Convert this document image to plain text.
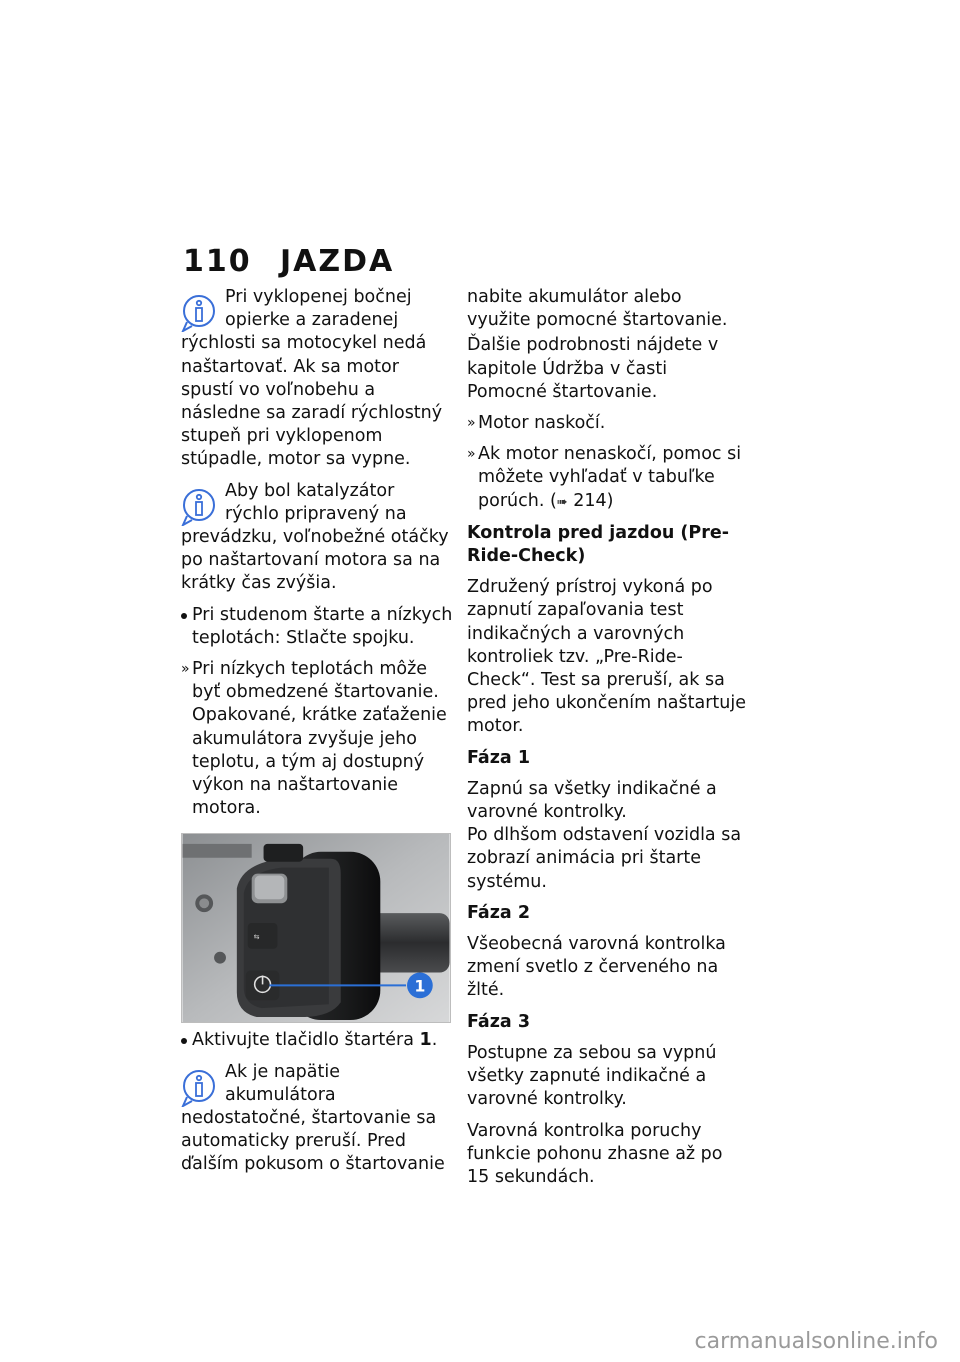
110 JAZDA
Pri vyklopenej bočnej opierke a zaradenej rýchlosti sa motocykel nedá naštartovať. Ak sa motor spustí vo voľnobehu a následne sa zaradí rýchlostný stupeň pri vyklopenom stúpadle, motor sa vypne.
Aby bol katalyzátor rýchlo pripravený na prevádzku, voľnobežné otáčky po naštartovaní motora sa na krátky čas zvýšia.

Pri studenom štarte a nízkych teplotách: Stlačte spojku.

» Pri nízkych teplotách môže byť obmedzené štartovanie. Opakované, krátke zaťaženie akumulátora zvyšuje jeho teplotu, a tým aj dostupný výkon na naštartovanie motora.

⇆
1

Aktivujte tlačidlo štartéra 1.

Ak je napätie akumulátora nedostatočné, štartovanie sa automaticky preruší. Pred ďalším pokusom o štartovanie

nabite akumulátor alebo využite pomocné štartovanie.

Ďalšie podrobnosti nájdete v kapitole Údržba v časti Pomocné štartovanie.

» Motor naskočí.

» Ak motor nenaskočí, pomoc si môžete vyhľadať v tabuľke porúch. (➠ 214)

Kontrola pred jazdou (Pre-Ride-Check)

Združený prístroj vykoná po zapnutí zapaľovania test indikačných a varovných kontroliek tzv. „Pre-Ride-Check“. Test sa preruší, ak sa pred jeho ukončením naštartuje motor.

Fáza 1

Zapnú sa všetky indikačné a varovné kontrolky.

Po dlhšom odstavení vozidla sa zobrazí animácia pri štarte systému.

Fáza 2

Všeobecná varovná kontrolka zmení svetlo z červeného na žlté.

Fáza 3

Postupne za sebou sa vypnú všetky zapnuté indikačné a varovné kontrolky.

Varovná kontrolka poruchy funkcie pohonu zhasne až po 15 sekundách.

carmanualsonline.info
